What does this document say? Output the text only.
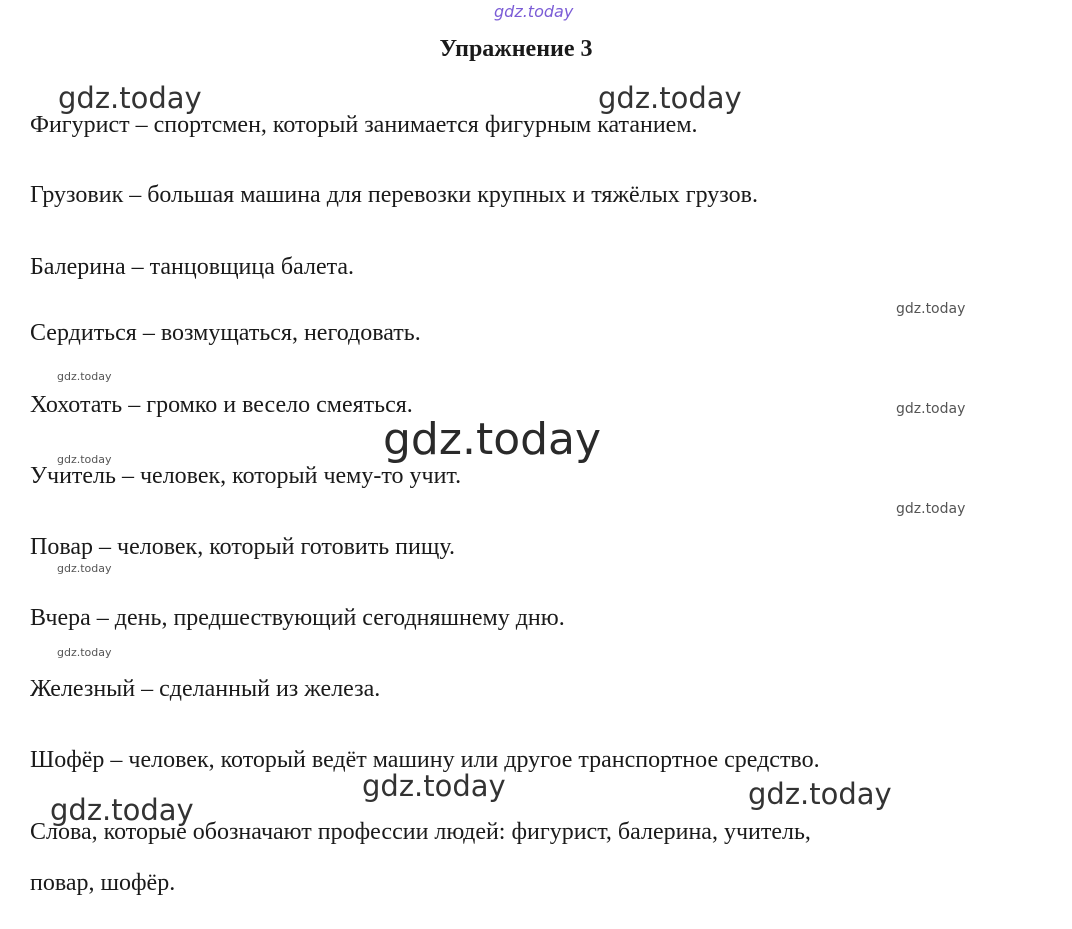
gdz.today
gdz.today	gdz.today
gdz.today
gdz.today
gdz.today
gdz.today
gdz.today
gdz.today
gdz.today
gdz.today
gdz.today	gdz.today
gdz.today
Упражнение 3

Фигурист – спортсмен, который занимается фигурным катанием.

Грузовик – большая машина для перевозки крупных и тяжёлых грузов.

Балерина – танцовщица балета.

Сердиться – возмущаться, негодовать.

Хохотать – громко и весело смеяться.

Учитель – человек, который чему-то учит.

Повар – человек, который готовить пищу.

Вчера – день, предшествующий сегодняшнему дню.

Железный – сделанный из железа.

Шофёр – человек, который ведёт машину или другое транспортное средство.

Слова, которые обозначают профессии людей: фигурист, балерина, учитель,

повар, шофёр.
